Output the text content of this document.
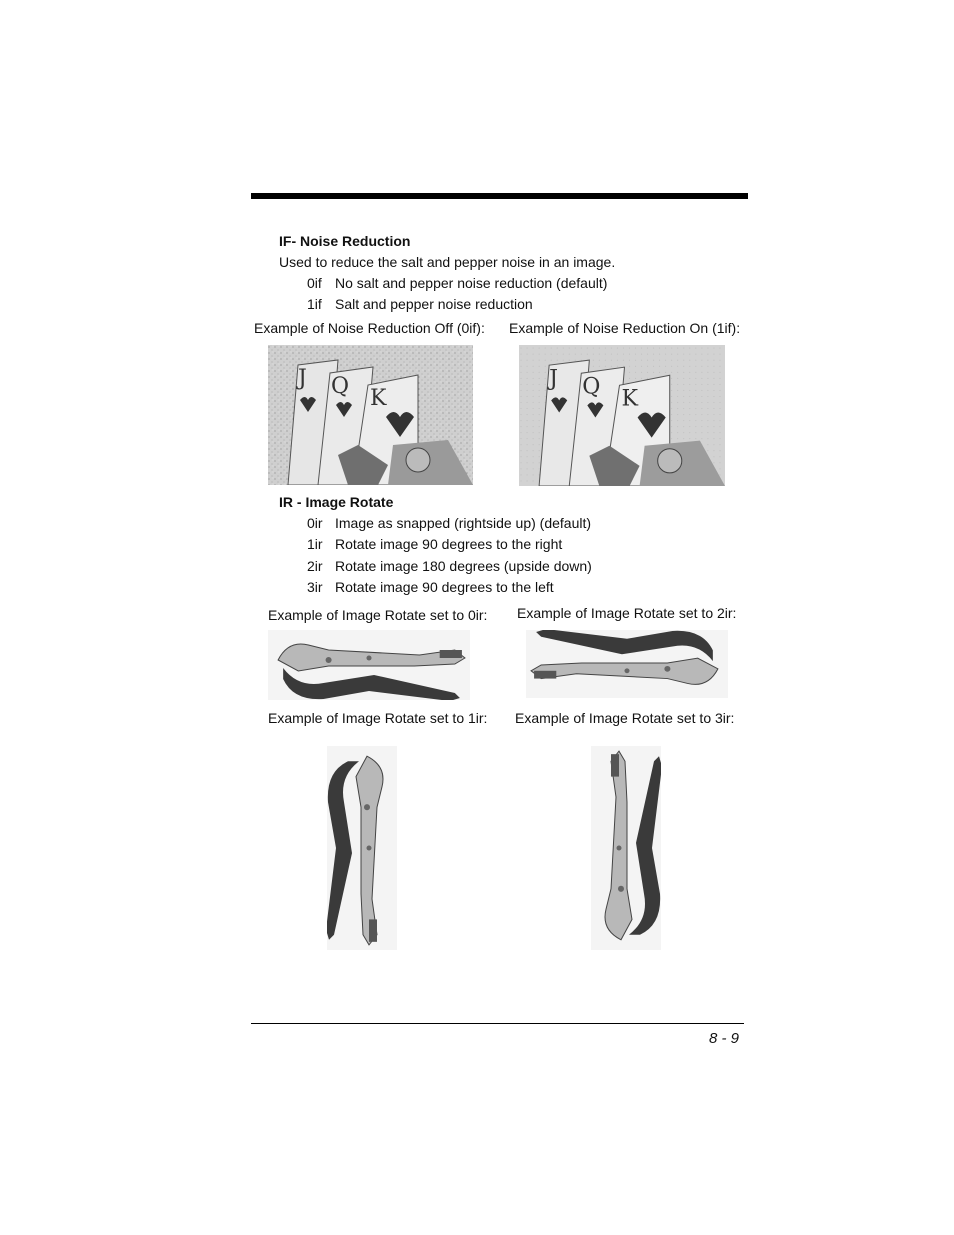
IF- Noise Reduction
Used to reduce the salt and pepper noise in an image.
0if No salt and pepper noise reduction (default)
1if Salt and pepper noise reduction
Example of Noise Reduction Off (0if): Example of Noise Reduction On (1if):
J Q K
J Q K
IR - Image Rotate
0ir Image as snapped (rightside up) (default)
1ir Rotate image 90 degrees to the right
2ir Rotate image 180 degrees (upside down)
3ir Rotate image 90 degrees to the left
Example of Image Rotate set to 0ir: Example of Image Rotate set to 2ir:
Example of Image Rotate set to 1ir: Example of Image Rotate set to 3ir:
8 - 9
